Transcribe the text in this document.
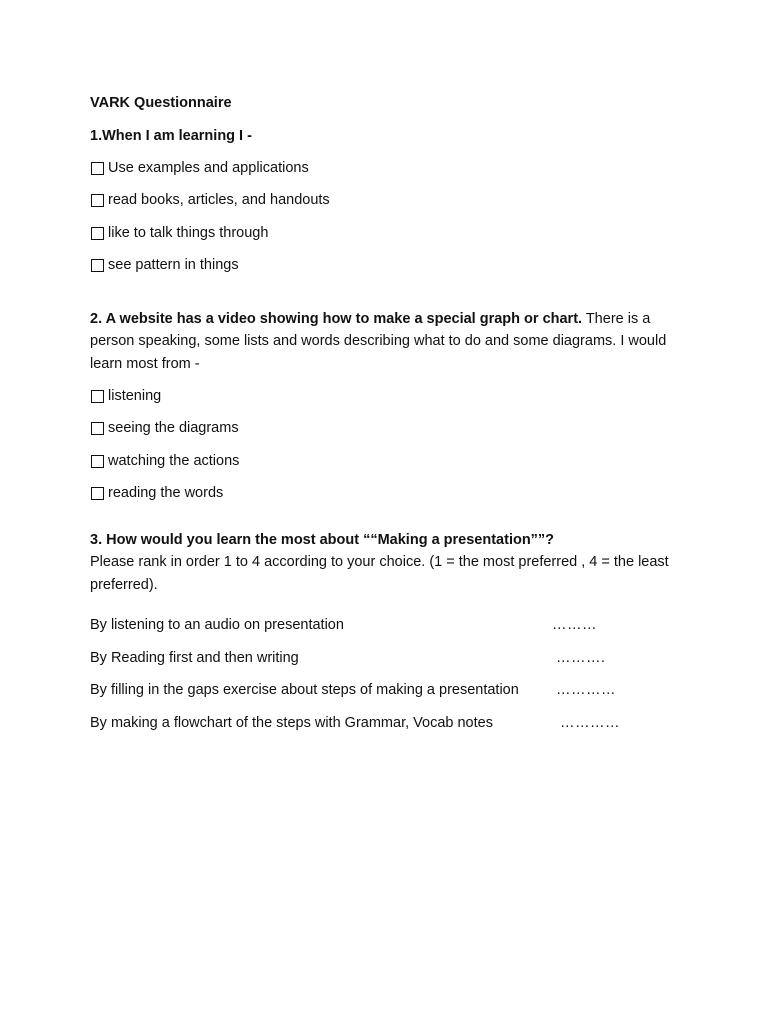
VARK Questionnaire
1.When I am learning I -
Use examples and applications
read books, articles, and handouts
like to talk things through
see pattern in things
2. A website has a video showing how to make a special graph or chart. There is a person speaking, some lists and words describing what to do and some diagrams. I would learn most from -
listening
seeing the diagrams
watching the actions
reading the words
3. How would you learn the most about ““Making a presentation””?
Please rank in order 1 to 4 according to your choice. (1 = the most preferred , 4 = the least preferred).
By listening to an audio on presentation	………
By Reading first and then writing	……….
By filling in the gaps exercise about steps of making a presentation	…………
By making a flowchart of the steps with Grammar, Vocab notes	…………
